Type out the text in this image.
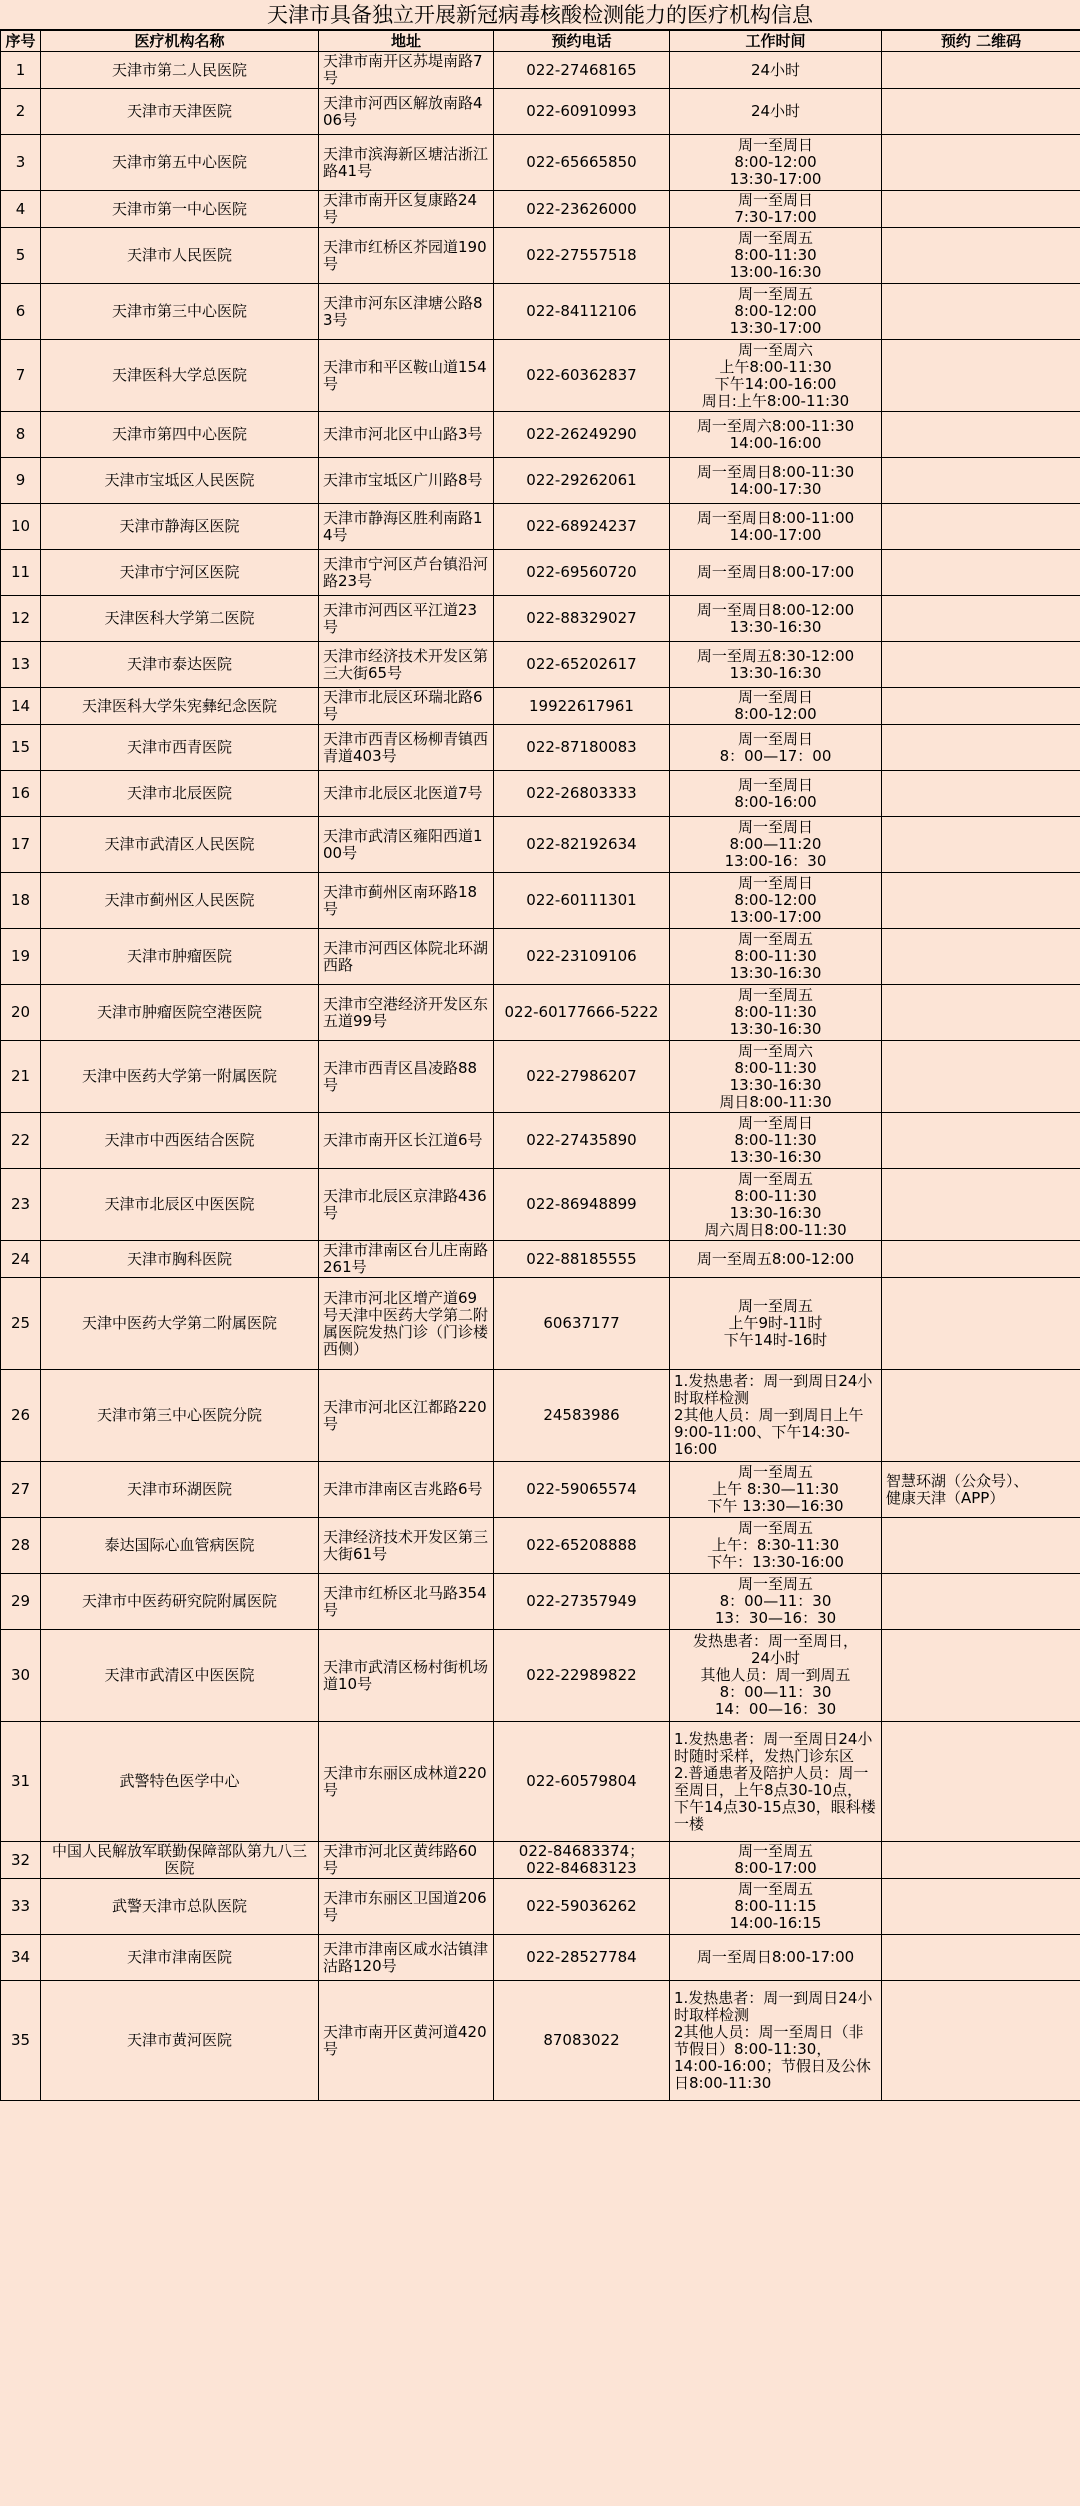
天津市具备独立开展新冠病毒核酸检测能力的医疗机构信息
序号	医疗机构名称	地址	预约电话	工作时间	预约 二维码
1	天津市第二人民医院	天津市南开区苏堤南路7号	022-27468165	24小时	
2	天津市天津医院	天津市河西区解放南路406号	022-60910993	24小时	
3	天津市第五中心医院	天津市滨海新区塘沽浙江路41号	022-65665850	周一至周日
8:00-12:00
13:30-17:00	
4	天津市第一中心医院	天津市南开区复康路24号	022-23626000	周一至周日
7:30-17:00	
5	天津市人民医院	天津市红桥区芥园道190号	022-27557518	周一至周五
8:00-11:30
13:00-16:30	
6	天津市第三中心医院	天津市河东区津塘公路83号	022-84112106	周一至周五
8:00-12:00
13:30-17:00	
7	天津医科大学总医院	天津市和平区鞍山道154号	022-60362837	周一至周六
上午8:00-11:30
下午14:00-16:00
周日:上午8:00-11:30	
8	天津市第四中心医院	天津市河北区中山路3号	022-26249290	周一至周六8:00-11:30
14:00-16:00	
9	天津市宝坻区人民医院	天津市宝坻区广川路8号	022-29262061	周一至周日8:00-11:30
14:00-17:30	
10	天津市静海区医院	天津市静海区胜利南路14号	022-68924237	周一至周日8:00-11:00
14:00-17:00	
11	天津市宁河区医院	天津市宁河区芦台镇沿河路23号	022-69560720	周一至周日8:00-17:00	
12	天津医科大学第二医院	天津市河西区平江道23号	022-88329027	周一至周日8:00-12:00
13:30-16:30	
13	天津市泰达医院	天津市经济技术开发区第三大街65号	022-65202617	周一至周五8:30-12:00
13:30-16:30	
14	天津医科大学朱宪彝纪念医院	天津市北辰区环瑞北路6号	19922617961	周一至周日
8:00-12:00	
15	天津市西青医院	天津市西青区杨柳青镇西青道403号	022-87180083	周一至周日
8：00—17：00	
16	天津市北辰医院	天津市北辰区北医道7号	022-26803333	周一至周日
8:00-16:00	
17	天津市武清区人民医院	天津市武清区雍阳西道100号	022-82192634	周一至周日
8:00—11:20
13:00-16：30	
18	天津市蓟州区人民医院	天津市蓟州区南环路18号	022-60111301	周一至周日
8:00-12:00
13:00-17:00	
19	天津市肿瘤医院	天津市河西区体院北环湖西路	022-23109106	周一至周五
8:00-11:30
13:30-16:30	
20	天津市肿瘤医院空港医院	天津市空港经济开发区东五道99号	022-60177666-5222	周一至周五
8:00-11:30
13:30-16:30	
21	天津中医药大学第一附属医院	天津市西青区昌凌路88号	022-27986207	周一至周六
8:00-11:30
13:30-16:30
周日8:00-11:30	
22	天津市中西医结合医院	天津市南开区长江道6号	022-27435890	周一至周日
8:00-11:30
13:30-16:30	
23	天津市北辰区中医医院	天津市北辰区京津路436号	022-86948899	周一至周五
8:00-11:30
13:30-16:30
周六周日8:00-11:30	
24	天津市胸科医院	天津市津南区台儿庄南路261号	022-88185555	周一至周五8:00-12:00	
25	天津中医药大学第二附属医院	天津市河北区增产道69号天津中医药大学第二附属医院发热门诊（门诊楼西侧）	60637177	周一至周五
上午9时-11时
下午14时-16时	
26	天津市第三中心医院分院	天津市河北区江都路220号	24583986	1.发热患者：周一到周日24小时取样检测
2其他人员：周一到周日上午9:00-11:00、下午14:30-16:00	
27	天津市环湖医院	天津市津南区吉兆路6号	022-59065574	周一至周五
上午 8:30—11:30
下午 13:30—16:30	智慧环湖（公众号）、
健康天津（APP）
28	泰达国际心血管病医院	天津经济技术开发区第三大街61号	022-65208888	周一至周五
上午：8:30-11:30
下午：13:30-16:00	
29	天津市中医药研究院附属医院	天津市红桥区北马路354号	022-27357949	周一至周五
8：00—11：30
13：30—16：30	
30	天津市武清区中医医院	天津市武清区杨村街机场道10号	022-22989822	发热患者：周一至周日，
24小时
其他人员：周一到周五
8：00—11：30
14：00—16：30	
31	武警特色医学中心	天津市东丽区成林道220号	022-60579804	1.发热患者：周一至周日24小时随时采样，发热门诊东区
2.普通患者及陪护人员：周一至周日，上午8点30-10点，下午14点30-15点30，眼科楼一楼	
32	中国人民解放军联勤保障部队第九八三医院	天津市河北区黄纬路60号	022-84683374；
022-84683123	周一至周五
8:00-17:00	
33	武警天津市总队医院	天津市东丽区卫国道206号	022-59036262	周一至周五
8:00-11:15
14:00-16:15	
34	天津市津南医院	天津市津南区咸水沽镇津沽路120号	022-28527784	周一至周日8:00-17:00	
35	天津市黄河医院	天津市南开区黄河道420号	87083022	1.发热患者：周一到周日24小时取样检测
2其他人员：周一至周日（非节假日）8:00-11:30，14:00-16:00；节假日及公休日8:00-11:30	
